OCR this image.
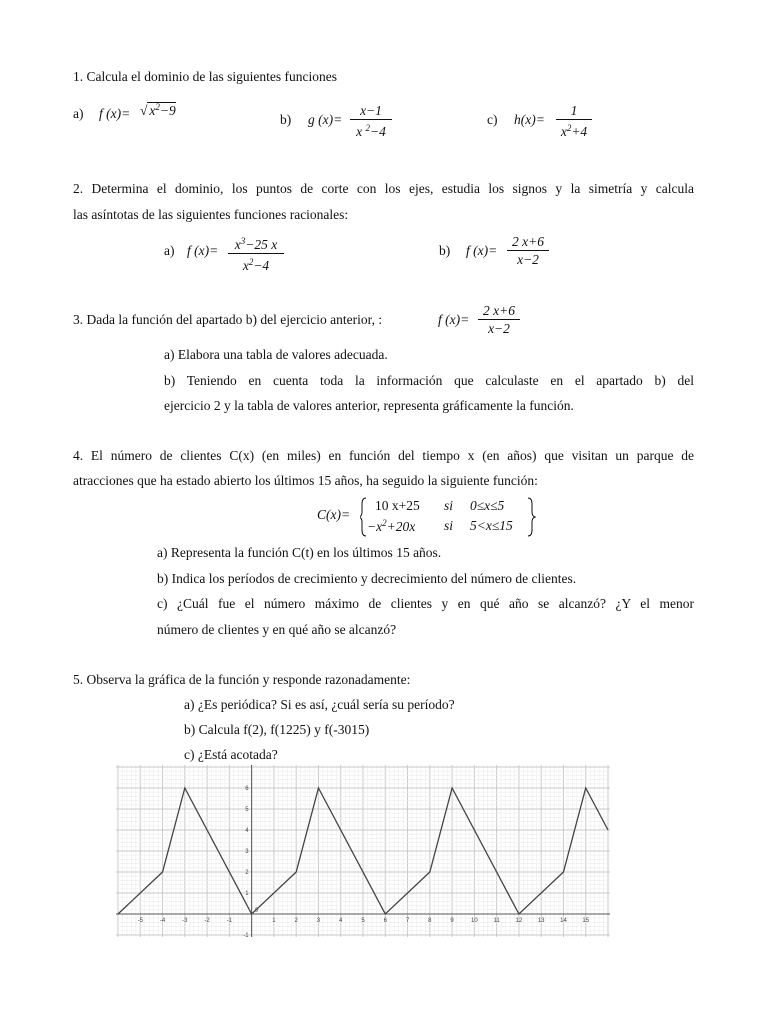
1. Calcula el dominio de las siguientes funciones
a) f (x)= √ $x^2-9$
b) g (x)=
x−1
x $^2$−4
c) h(x)=
1
$x^2+4$
2. Determina el dominio, los puntos de corte con los ejes, estudia los signos y la simetría y calcula
las asíntotas de las siguientes funciones racionales:
a) f (x)=	$x^3-25$ x
$x^2-4$
b) f (x)=
2 x+6
x−2
3. Dada la función del apartado b) del ejercicio anterior, :	f (x)=
2 x+6
x−2
a) Elabora una tabla de valores adecuada.
b) Teniendo en cuenta toda la información que calculaste en el apartado b) del
ejercicio 2 y la tabla de valores anterior, representa gráficamente la función.
4. El número de clientes C(x) (en miles) en función del tiempo x (en años) que visitan un parque de
atracciones que ha estado abierto los últimos 15 años, ha seguido la siguiente función:
C(x)=
10 x+25 si 0≤x≤5
$-x^2+20x$ si 5<x≤15
a) Representa la función C(t) en los últimos 15 años.
b) Indica los períodos de crecimiento y decrecimiento del número de clientes.
c) ¿Cuál fue el número máximo de clientes y en qué año se alcanzó? ¿Y el menor
número de clientes y en qué año se alcanzó?
5. Observa la gráfica de la función y responde razonadamente:
a) ¿Es periódica? Si es así, ¿cuál sería su período?
b) Calcula f(2), f(1225) y f(-3015)
c) ¿Está acotada?
-5	-4	-3	-2	-1	1	2	3	4	5	6	7	8	9	10	11	12	13	14	15
0
-1
1
2
3
4
5
6
